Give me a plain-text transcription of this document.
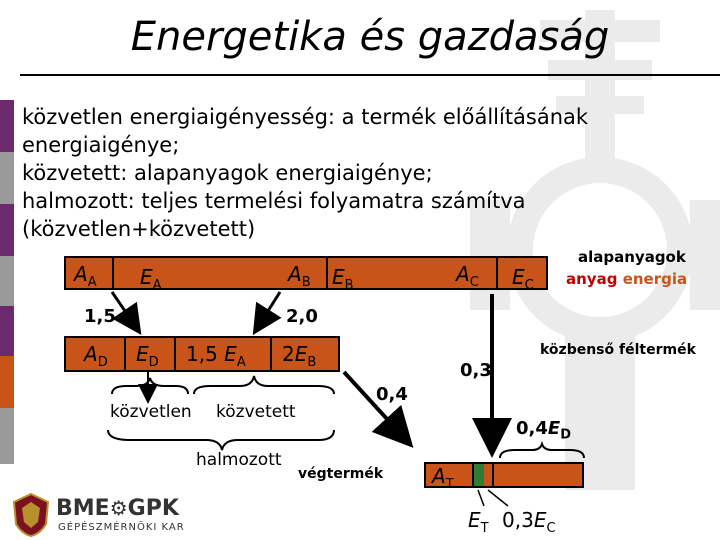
Energetika és gazdaság
közvetlen energiaigényesség: a termék előállításának
energiaigénye;
közvetett: alapanyagok energiaigénye;
halmozott: teljes termelési folyamatra számítva
(közvetlen+közvetett)
alapanyagok
anyag energia
$A_A$ $E_A$	$A_B$ $E_B$	$A_C$ $E_C$
1,5	2,0
$A_D$ $E_D$ 1,5 $E_A$ $2E_B$
közvetlen közvetett
halmozott
0,3
0,4
közbenső féltermék
$0,4E_D$
végtermék $A_T$
$E_T$ $0,3E_C$
BME⚙GPK
GÉPÉSZMÉRNÖKI KAR
